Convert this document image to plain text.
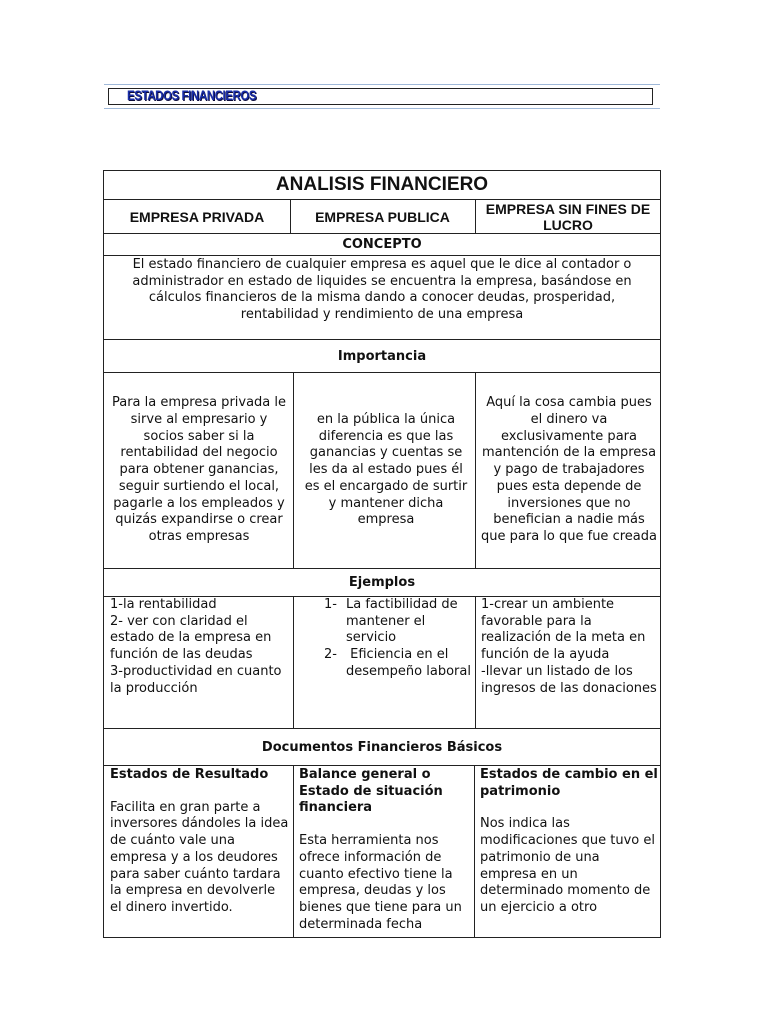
ESTADOS FINANCIEROS
ANALISIS FINANCIERO
EMPRESA PRIVADA	EMPRESA PUBLICA	EMPRESA SIN FINES DE LUCRO
CONCEPTO
El estado financiero de cualquier empresa es aquel que le dice al contador o administrador en estado de liquides se encuentra la empresa, basándose en cálculos financieros de la misma dando a conocer deudas, prosperidad, rentabilidad y rendimiento de una empresa
Importancia
Para la empresa privada le sirve al empresario y socios saber si la rentabilidad del negocio para obtener ganancias, seguir surtiendo el local, pagarle a los empleados y quizás expandirse o crear otras empresas
en la pública la única diferencia es que las ganancias y cuentas se les da al estado pues él es el encargado de surtir y mantener dicha empresa
Aquí la cosa cambia pues el dinero va exclusivamente para mantención de la empresa y pago de trabajadores pues esta depende de inversiones que no benefician a nadie más que para lo que fue creada
Ejemplos
1-la rentabilidad
2- ver con claridad el estado de la empresa en función de las deudas
3-productividad en cuanto la producción
1- La factibilidad de mantener el servicio
2- Eficiencia en el desempeño laboral
1-crear un ambiente favorable para la realización de la meta en función de la ayuda
-llevar un listado de los ingresos de las donaciones
Documentos Financieros Básicos
Estados de Resultado
Facilita en gran parte a inversores dándoles la idea de cuánto vale una empresa y a los deudores para saber cuánto tardara la empresa en devolverle el dinero invertido.
Balance general o Estado de situación financiera
Esta herramienta nos ofrece información de cuanto efectivo tiene la empresa, deudas y los bienes que tiene para un determinada fecha
Estados de cambio en el patrimonio
Nos indica las modificaciones que tuvo el patrimonio de una empresa en un determinado momento de un ejercicio a otro
